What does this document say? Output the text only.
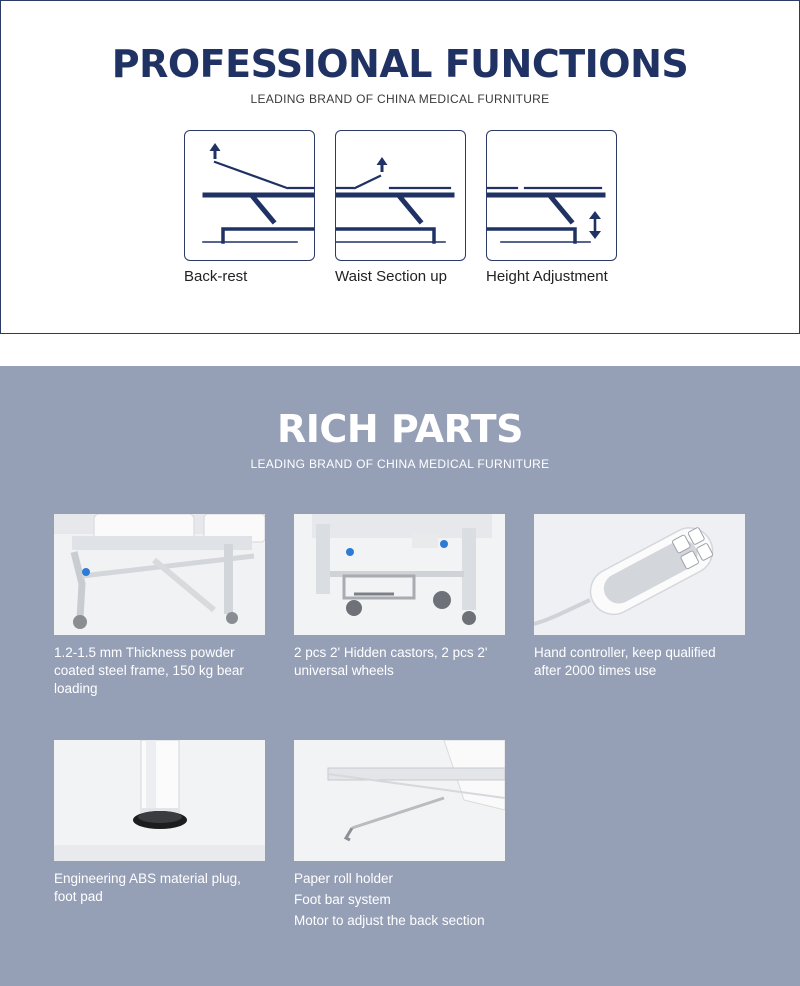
PROFESSIONAL FUNCTIONS
LEADING BRAND OF CHINA MEDICAL FURNITURE
Back-rest	Waist Section up	Height Adjustment
RICH PARTS
LEADING BRAND OF CHINA MEDICAL FURNITURE
1.2-1.5 mm Thickness powder coated steel frame, 150 kg bear loading
2 pcs 2' Hidden castors, 2 pcs 2' universal wheels
Hand controller, keep qualified after 2000 times use
Engineering ABS material plug, foot pad
Paper roll holder
Foot bar system
Motor to adjust the back section
